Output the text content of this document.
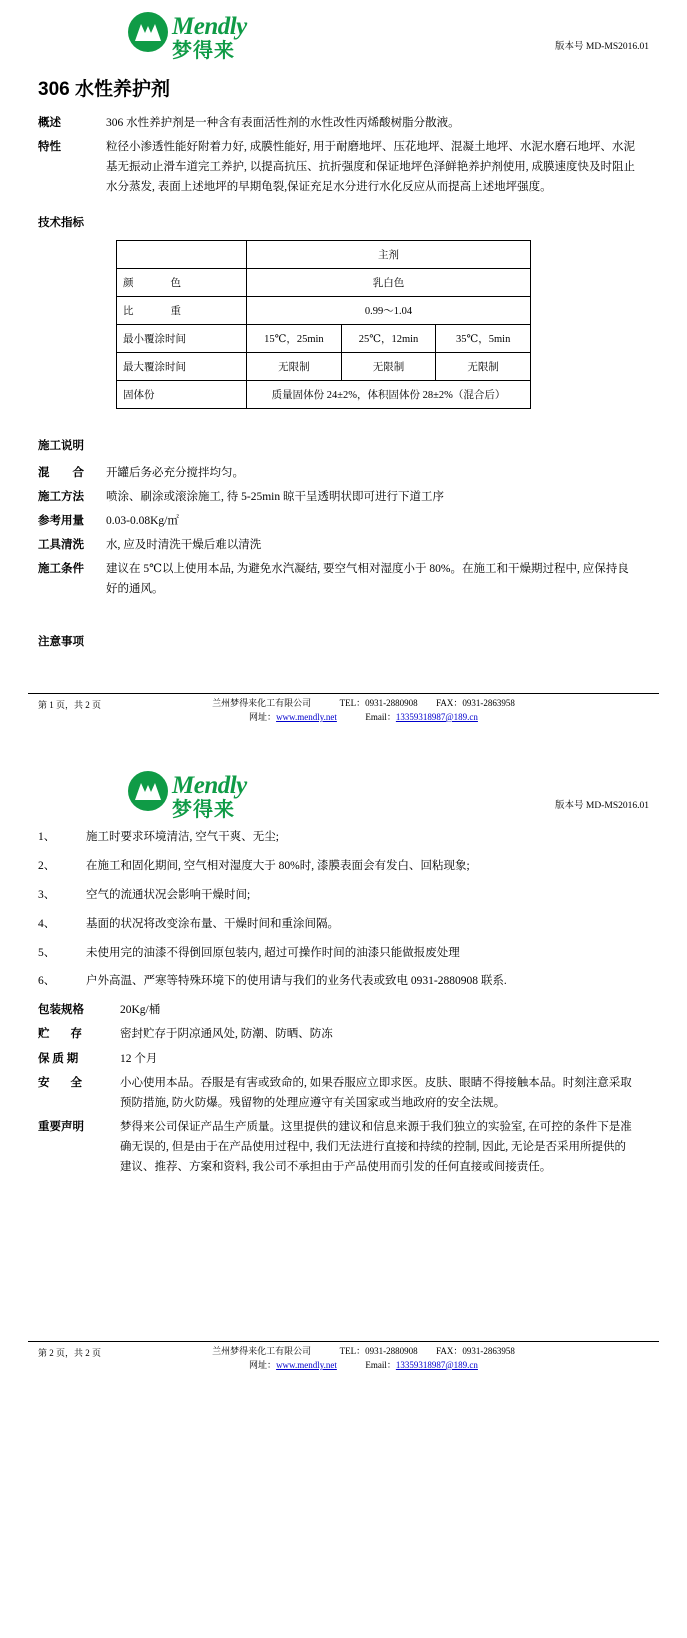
Mendly
梦得来	版本号 MD-MS2016.01
306 水性养护剂
概述	306 水性养护剂是一种含有表面活性剂的水性改性丙烯酸树脂分散液。
特性	粒径小渗透性能好附着力好, 成膜性能好, 用于耐磨地坪、压花地坪、混凝土地坪、水泥水磨石地坪、水泥基无振动止滑车道完工养护, 以提高抗压、抗折强度和保证地坪色泽鲜艳养护剂使用, 成膜速度快及时阻止水分蒸发, 表面上述地坪的早期龟裂,保证充足水分进行水化反应从而提高上述地坪强度。
技术指标
	主剂		

颜 色	乳白色		

比 重	0.99～1.04		
最小覆涂时间	15℃，25min	25℃，12min	35℃，5min
最大覆涂时间	无限制	无限制	无限制
固体份	质量固体份 24±2%，体积固体份 28±2%（混合后）		
施工说明
混 合 开罐后务必充分搅拌均匀。
施工方法	喷涂、刷涂或滚涂施工, 待 5-25min 晾干呈透明状即可进行下道工序
参考用量	0.03-0.08Kg/㎡
工具清洗	水, 应及时清洗干燥后难以清洗
施工条件	建议在 5℃以上使用本品, 为避免水汽凝结, 要空气相对湿度小于 80%。在施工和干燥期过程中, 应保持良好的通风。
注意事项
第 1 页，共 2 页	兰州梦得来化工有限公司	TEL：0931-2880908 FAX：0931-2863958
网址：www.mendly.net	Email：13359318987@189.cn
Mendly
梦得来	版本号 MD-MS2016.01
1、	施工时要求环境清洁, 空气干爽、无尘;
2、	在施工和固化期间, 空气相对湿度大于 80%时, 漆膜表面会有发白、回粘现象;
3、	空气的流通状况会影响干燥时间;
4、	基面的状况将改变涂布量、干燥时间和重涂间隔。
5、	未使用完的油漆不得倒回原包装内, 超过可操作时间的油漆只能做报废处理
6、	户外高温、严寒等特殊环境下的使用请与我们的业务代表或致电 0931-2880908 联系.
包装规格	20Kg/桶
贮 存	密封贮存于阴凉通风处, 防潮、防晒、防冻
保 质 期	12 个月
安 全	小心使用本品。吞服是有害或致命的, 如果吞服应立即求医。皮肤、眼睛不得接触本品。时刻注意采取预防措施, 防火防爆。残留物的处理应遵守有关国家或当地政府的安全法规。
重要声明	梦得来公司保证产品生产质量。这里提供的建议和信息来源于我们独立的实验室, 在可控的条件下是准确无误的, 但是由于在产品使用过程中, 我们无法进行直接和持续的控制, 因此, 无论是否采用所提供的建议、推荐、方案和资料, 我公司不承担由于产品使用而引发的任何直接或间接责任。
第 2 页，共 2 页	兰州梦得来化工有限公司	TEL：0931-2880908 FAX：0931-2863958
网址：www.mendly.net	Email：13359318987@189.cn
